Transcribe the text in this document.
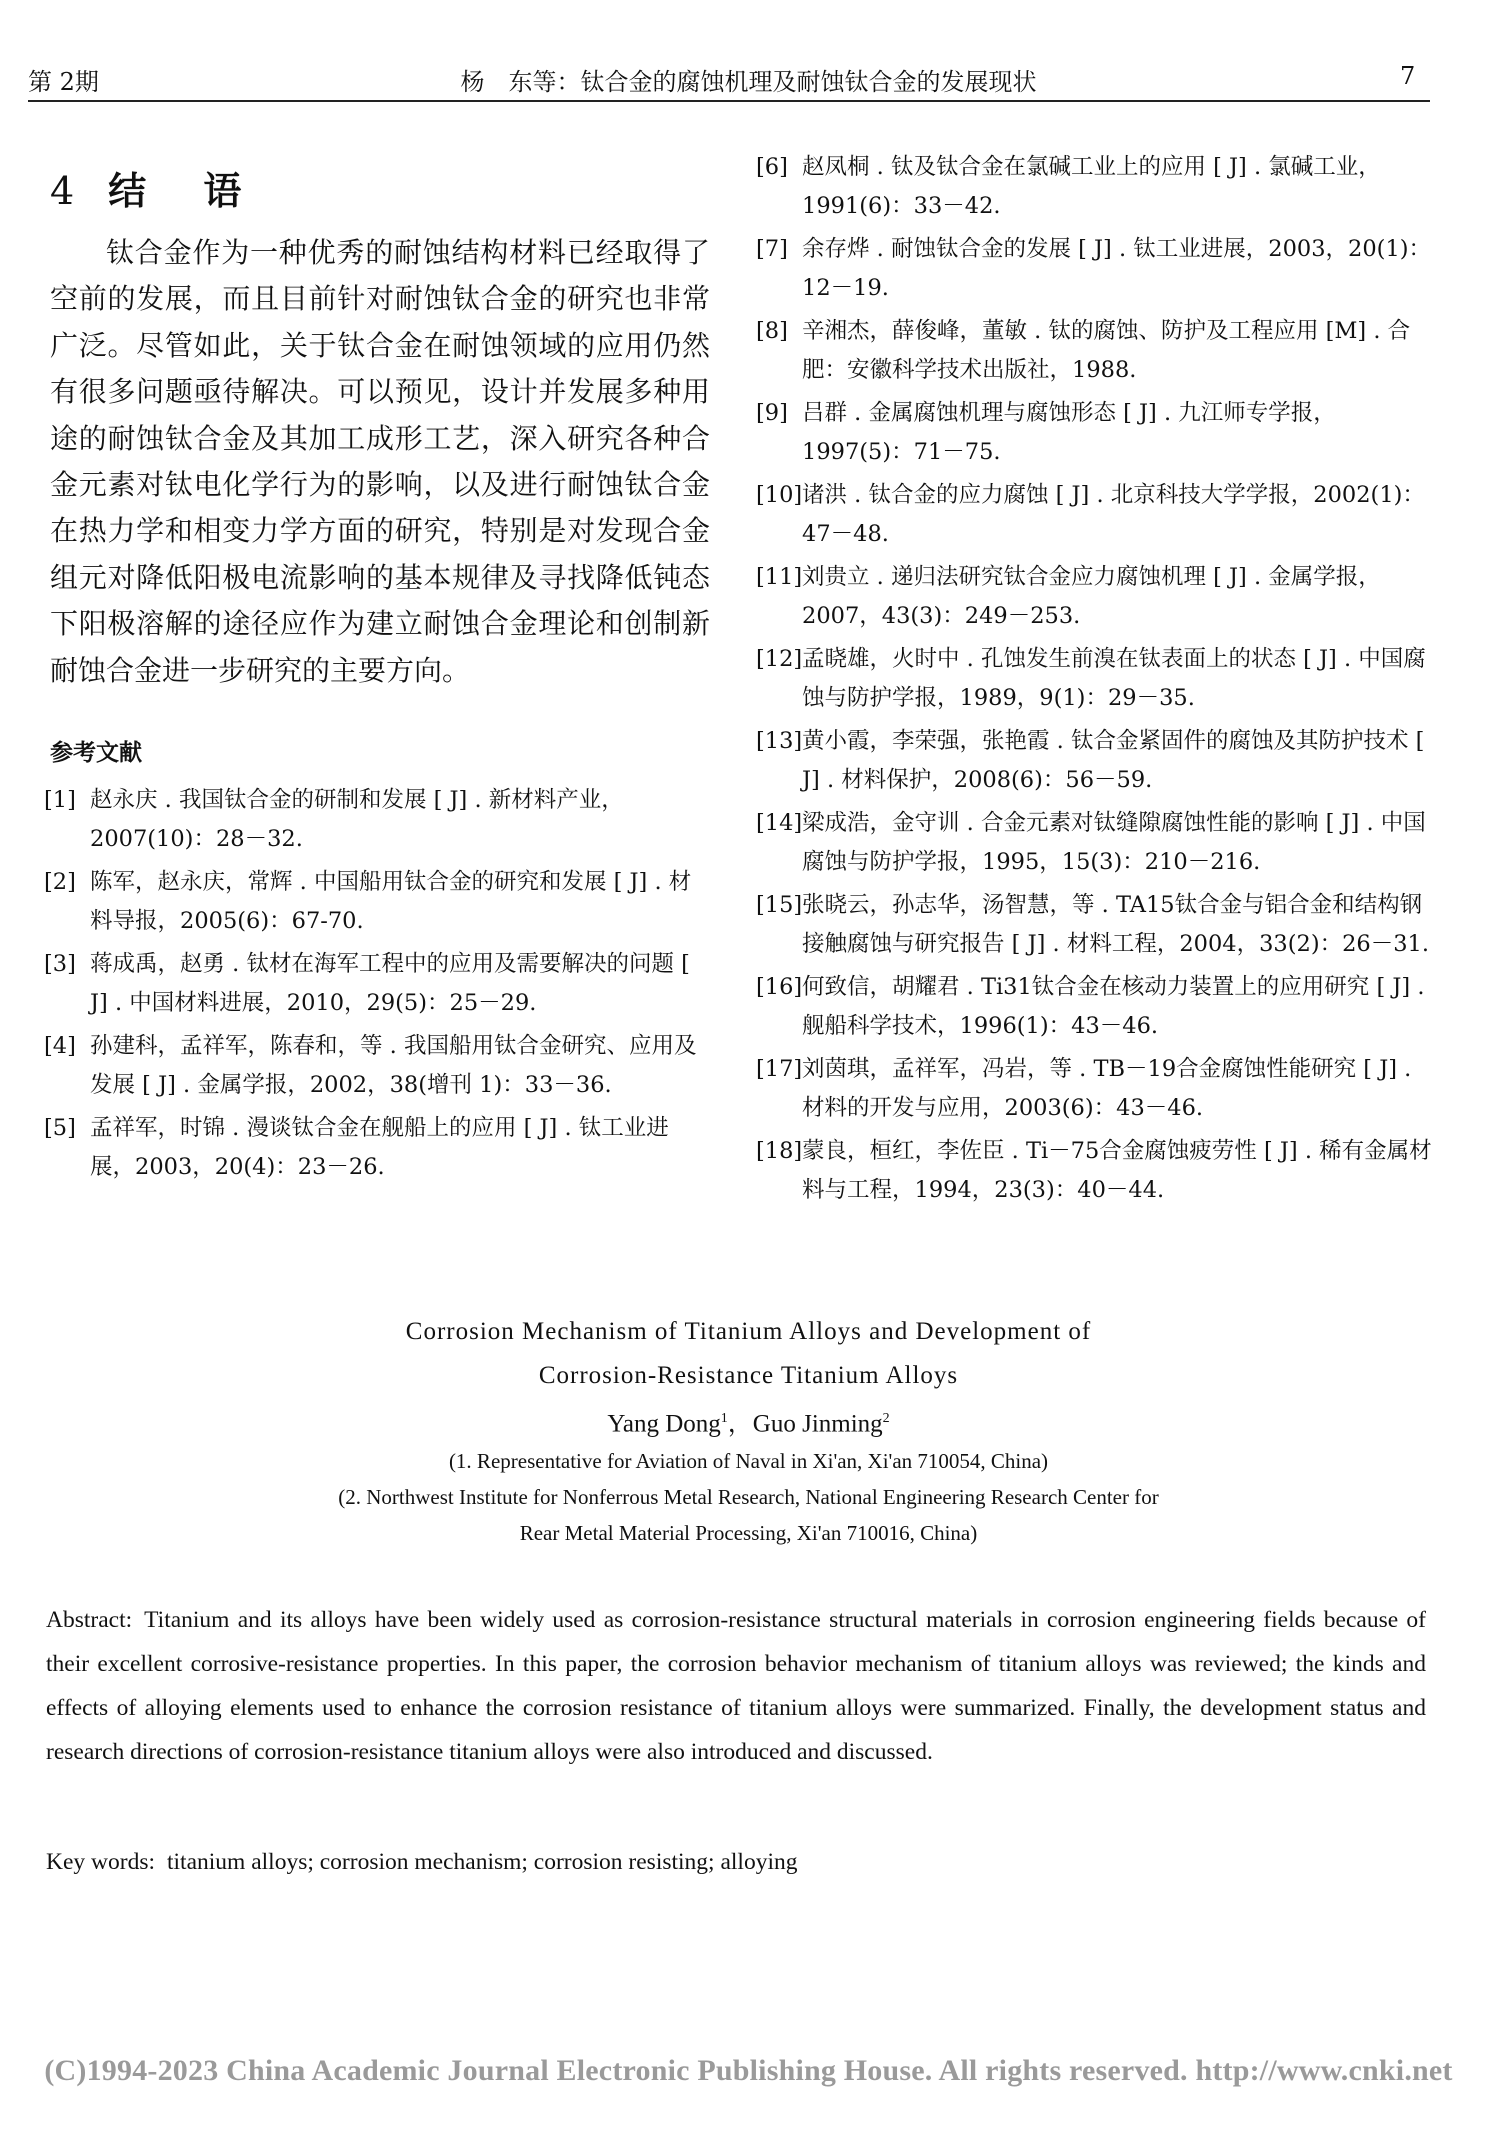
第 2期	杨　东等：钛合金的腐蚀机理及耐蚀钛合金的发展现状	7
4 结 语

钛合金作为一种优秀的耐蚀结构材料已经取得了空前的发展，而且目前针对耐蚀钛合金的研究也非常广泛。尽管如此，关于钛合金在耐蚀领域的应用仍然有很多问题亟待解决。可以预见，设计并发展多种用途的耐蚀钛合金及其加工成形工艺，深入研究各种合金元素对钛电化学行为的影响，以及进行耐蚀钛合金在热力学和相变力学方面的研究，特别是对发现合金组元对降低阳极电流影响的基本规律及寻找降低钝态下阳极溶解的途径应作为建立耐蚀合金理论和创制新耐蚀合金进一步研究的主要方向。

参考文献
[1] 赵永庆 . 我国钛合金的研制和发展 [ J] . 新材料产业，2007(10)：28－32.
[2] 陈军，赵永庆，常辉 . 中国船用钛合金的研究和发展 [ J] . 材料导报，2005(6)：67-70.
[3] 蒋成禹，赵勇 . 钛材在海军工程中的应用及需要解决的问题 [ J] . 中国材料进展，2010，29(5)：25－29.
[4] 孙建科，孟祥军，陈春和，等 . 我国船用钛合金研究、应用及发展 [ J] . 金属学报，2002，38(增刊 1)：33－36.
[5] 孟祥军，时锦 . 漫谈钛合金在舰船上的应用 [ J] . 钛工业进展，2003，20(4)：23－26.
[6] 赵凤桐 . 钛及钛合金在氯碱工业上的应用 [ J] . 氯碱工业，1991(6)：33－42.
[7] 余存烨 . 耐蚀钛合金的发展 [ J] . 钛工业进展，2003，20(1)：12－19.
[8] 辛湘杰，薛俊峰，董敏 . 钛的腐蚀、防护及工程应用 [M] . 合肥：安徽科学技术出版社，1988.
[9] 吕群 . 金属腐蚀机理与腐蚀形态 [ J] . 九江师专学报，1997(5)：71－75.
[10] 诸洪 . 钛合金的应力腐蚀 [ J] . 北京科技大学学报，2002(1)：47－48.
[11] 刘贵立 . 递归法研究钛合金应力腐蚀机理 [ J] . 金属学报，2007，43(3)：249－253.
[12] 孟晓雄，火时中 . 孔蚀发生前溴在钛表面上的状态 [ J] . 中国腐蚀与防护学报，1989，9(1)：29－35.
[13] 黄小霞，李荣强，张艳霞 . 钛合金紧固件的腐蚀及其防护技术 [ J] . 材料保护，2008(6)：56－59.
[14] 梁成浩，金守训 . 合金元素对钛缝隙腐蚀性能的影响 [ J] . 中国腐蚀与防护学报，1995，15(3)：210－216.
[15] 张晓云，孙志华，汤智慧，等 . TA15钛合金与铝合金和结构钢接触腐蚀与研究报告 [ J] . 材料工程，2004，33(2)：26－31.
[16] 何致信，胡耀君 . Ti31钛合金在核动力装置上的应用研究 [ J] . 舰船科学技术，1996(1)：43－46.
[17] 刘茵琪，孟祥军，冯岩，等 . TB－19合金腐蚀性能研究 [ J] . 材料的开发与应用，2003(6)：43－46.
[18] 蒙良，桓红，李佐臣 . Ti－75合金腐蚀疲劳性 [ J] . 稀有金属材料与工程，1994，23(3)：40－44.
Corrosion Mechanism of Titanium Alloys and Development of
Corrosion-Resistance Titanium Alloys
Yang Dong$^1$，Guo Jinming$^2$
(1. Representative for Aviation of Naval in Xi'an, Xi'an 710054, China)
(2. Northwest Institute for Nonferrous Metal Research, National Engineering Research Center for
Rear Metal Material Processing, Xi'an 710016, China)
Abstract: Titanium and its alloys have been widely used as corrosion-resistance structural materials in corrosion engineering fields because of their excellent corrosive-resistance properties. In this paper, the corrosion behavior mechanism of titanium alloys was reviewed; the kinds and effects of alloying elements used to enhance the corrosion resistance of titanium alloys were summarized. Finally, the development status and research directions of corrosion-resistance titanium alloys were also introduced and discussed.
Key words: titanium alloys; corrosion mechanism; corrosion resisting; alloying
(C)1994-2023 China Academic Journal Electronic Publishing House. All rights reserved. http://www.cnki.net
